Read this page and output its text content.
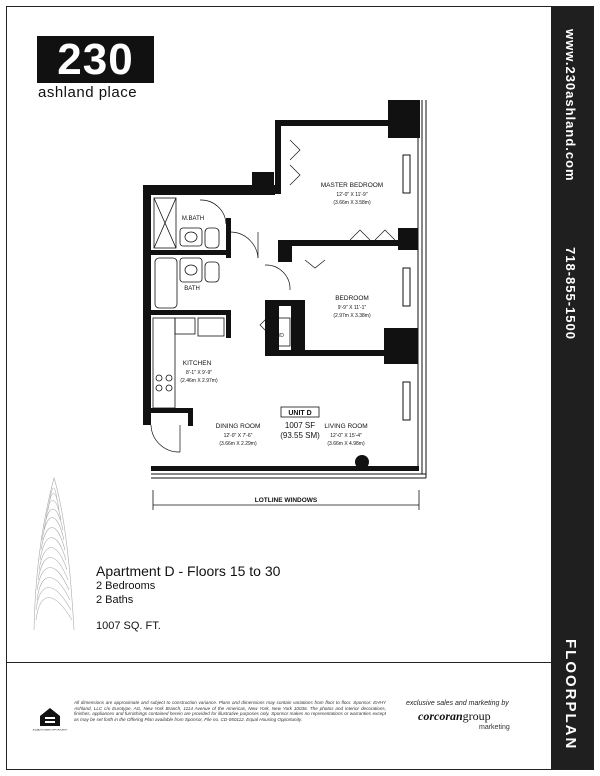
www.230ashland.com
718-855-1500
FLOORPLAN
230
ashland place
MASTER BEDROOM
12'-0" X 11'-9"
(3.66m X 3.58m)
BEDROOM
9'-9" X 11'-1"
(2.97m X 3.38m)
KITCHEN
8'-1" X 9'-9"
(2.46m X 2.97m)
DINING ROOM
12'-0" X 7'-6"
(3.66m X 2.29m)
LIVING ROOM
12'-0" X 15'-4"
(3.66m X 4.98m)
M.BATH
BATH
W/D
LOTLINE WINDOWS
UNIT D
1007 SF
(93.55 SM)
Apartment D - Floors 15 to 30
2 Bedrooms
2 Baths
1007 SQ. FT.
EQUAL HOUSING OPPORTUNITY
All dimensions are approximate and subject to construction variance. Plans and dimensions may contain variations from floor to floor. Sponsor: EHHY Ashland, LLC c/o Eurotype, AG, New York Branch, 1114 Avenue of the Americas, New York, New York 10036. The photos and interior decorations, finishes, appliances and furnishings contained herein are provided for illustrative purposes only. Sponsor makes no representations or warranties except as may be set forth in the Offering Plan available from Sponsor, File no. CD-050112. Equal Housing Opportunity.
exclusive sales and marketing by
corcorangroup
marketing
